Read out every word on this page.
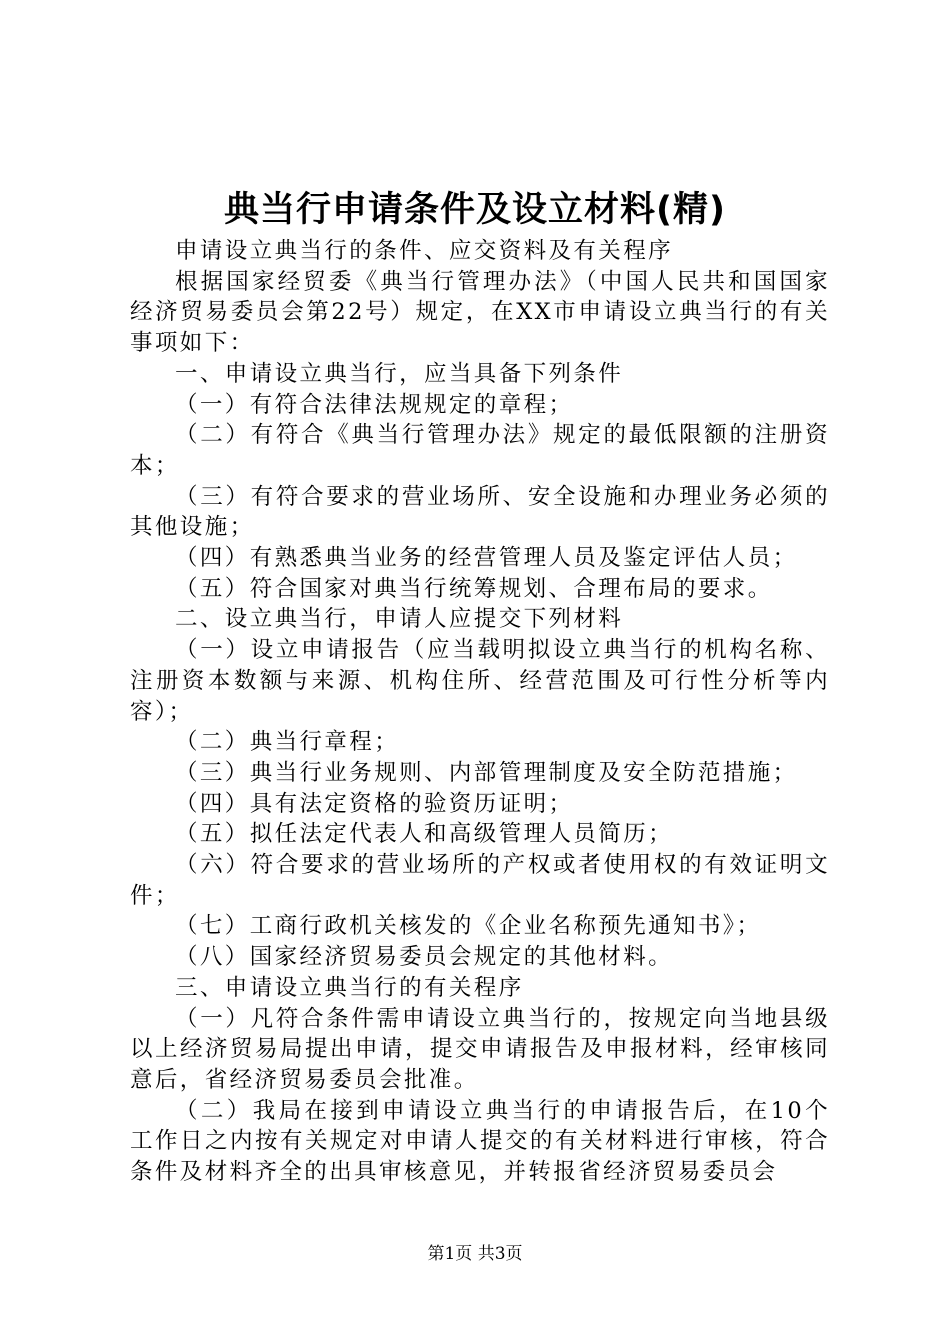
典当行申请条件及设立材料(精)

申请设立典当行的条件、应交资料及有关程序

根据国家经贸委《典当行管理办法》（中国人民共和国国家经济贸易委员会第22号）规定，在XX市申请设立典当行的有关事项如下：

一、申请设立典当行，应当具备下列条件

（一）有符合法律法规规定的章程；

（二）有符合《典当行管理办法》规定的最低限额的注册资本；

（三）有符合要求的营业场所、安全设施和办理业务必须的其他设施；

（四）有熟悉典当业务的经营管理人员及鉴定评估人员；

（五）符合国家对典当行统筹规划、合理布局的要求。

二、设立典当行，申请人应提交下列材料

（一）设立申请报告（应当载明拟设立典当行的机构名称、注册资本数额与来源、机构住所、经营范围及可行性分析等内容）；

（二）典当行章程；

（三）典当行业务规则、内部管理制度及安全防范措施；

（四）具有法定资格的验资历证明；

（五）拟任法定代表人和高级管理人员简历；

（六）符合要求的营业场所的产权或者使用权的有效证明文件；

（七）工商行政机关核发的《企业名称预先通知书》；

（八）国家经济贸易委员会规定的其他材料。

三、申请设立典当行的有关程序

（一）凡符合条件需申请设立典当行的，按规定向当地县级以上经济贸易局提出申请，提交申请报告及申报材料，经审核同意后，省经济贸易委员会批准。

（二）我局在接到申请设立典当行的申请报告后，在10个工作日之内按有关规定对申请人提交的有关材料进行审核，符合条件及材料齐全的出具审核意见，并转报省经济贸易委员会

第1页 共3页
